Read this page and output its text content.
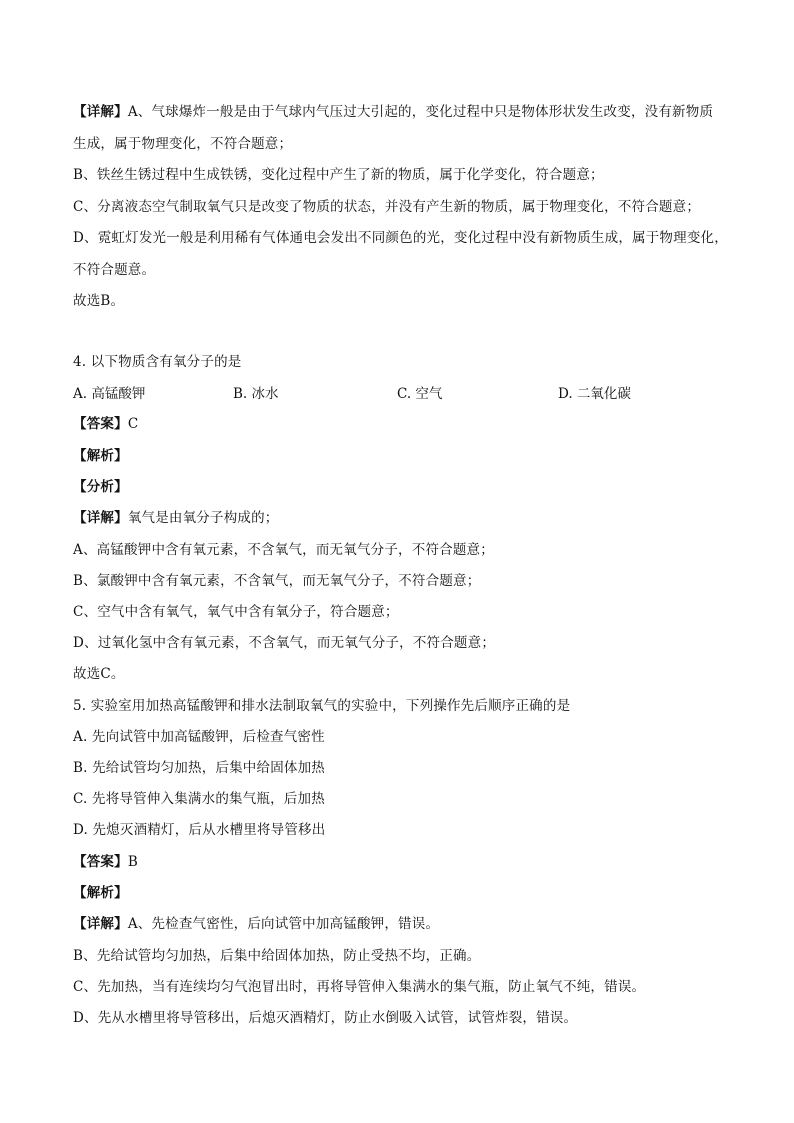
【详解】A、气球爆炸一般是由于气球内气压过大引起的，变化过程中只是物体形状发生改变，没有新物质
生成，属于物理变化，不符合题意；
B、铁丝生锈过程中生成铁锈，变化过程中产生了新的物质，属于化学变化，符合题意；
C、分离液态空气制取氧气只是改变了物质的状态，并没有产生新的物质，属于物理变化，不符合题意；
D、霓虹灯发光一般是利用稀有气体通电会发出不同颜色的光，变化过程中没有新物质生成，属于物理变化，
不符合题意。
故选B。
4. 以下物质含有氧分子的是
A. 高锰酸钾	B. 冰水	C. 空气	D. 二氧化碳
【答案】C
【解析】
【分析】
【详解】氧气是由氧分子构成的；
A、高锰酸钾中含有氧元素，不含氧气，而无氧气分子，不符合题意；
B、氯酸钾中含有氧元素，不含氧气，而无氧气分子，不符合题意；
C、空气中含有氧气，氧气中含有氧分子，符合题意；
D、过氧化氢中含有氧元素，不含氧气，而无氧气分子，不符合题意；
故选C。
5. 实验室用加热高锰酸钾和排水法制取氧气的实验中，下列操作先后顺序正确的是
A. 先向试管中加高锰酸钾，后检查气密性
B. 先给试管均匀加热，后集中给固体加热
C. 先将导管伸入集满水的集气瓶，后加热
D. 先熄灭酒精灯，后从水槽里将导管移出
【答案】B
【解析】
【详解】A、先检查气密性，后向试管中加高锰酸钾，错误。
B、先给试管均匀加热，后集中给固体加热，防止受热不均，正确。
C、先加热，当有连续均匀气泡冒出时，再将导管伸入集满水的集气瓶，防止氧气不纯，错误。
D、先从水槽里将导管移出，后熄灭酒精灯，防止水倒吸入试管，试管炸裂，错误。
